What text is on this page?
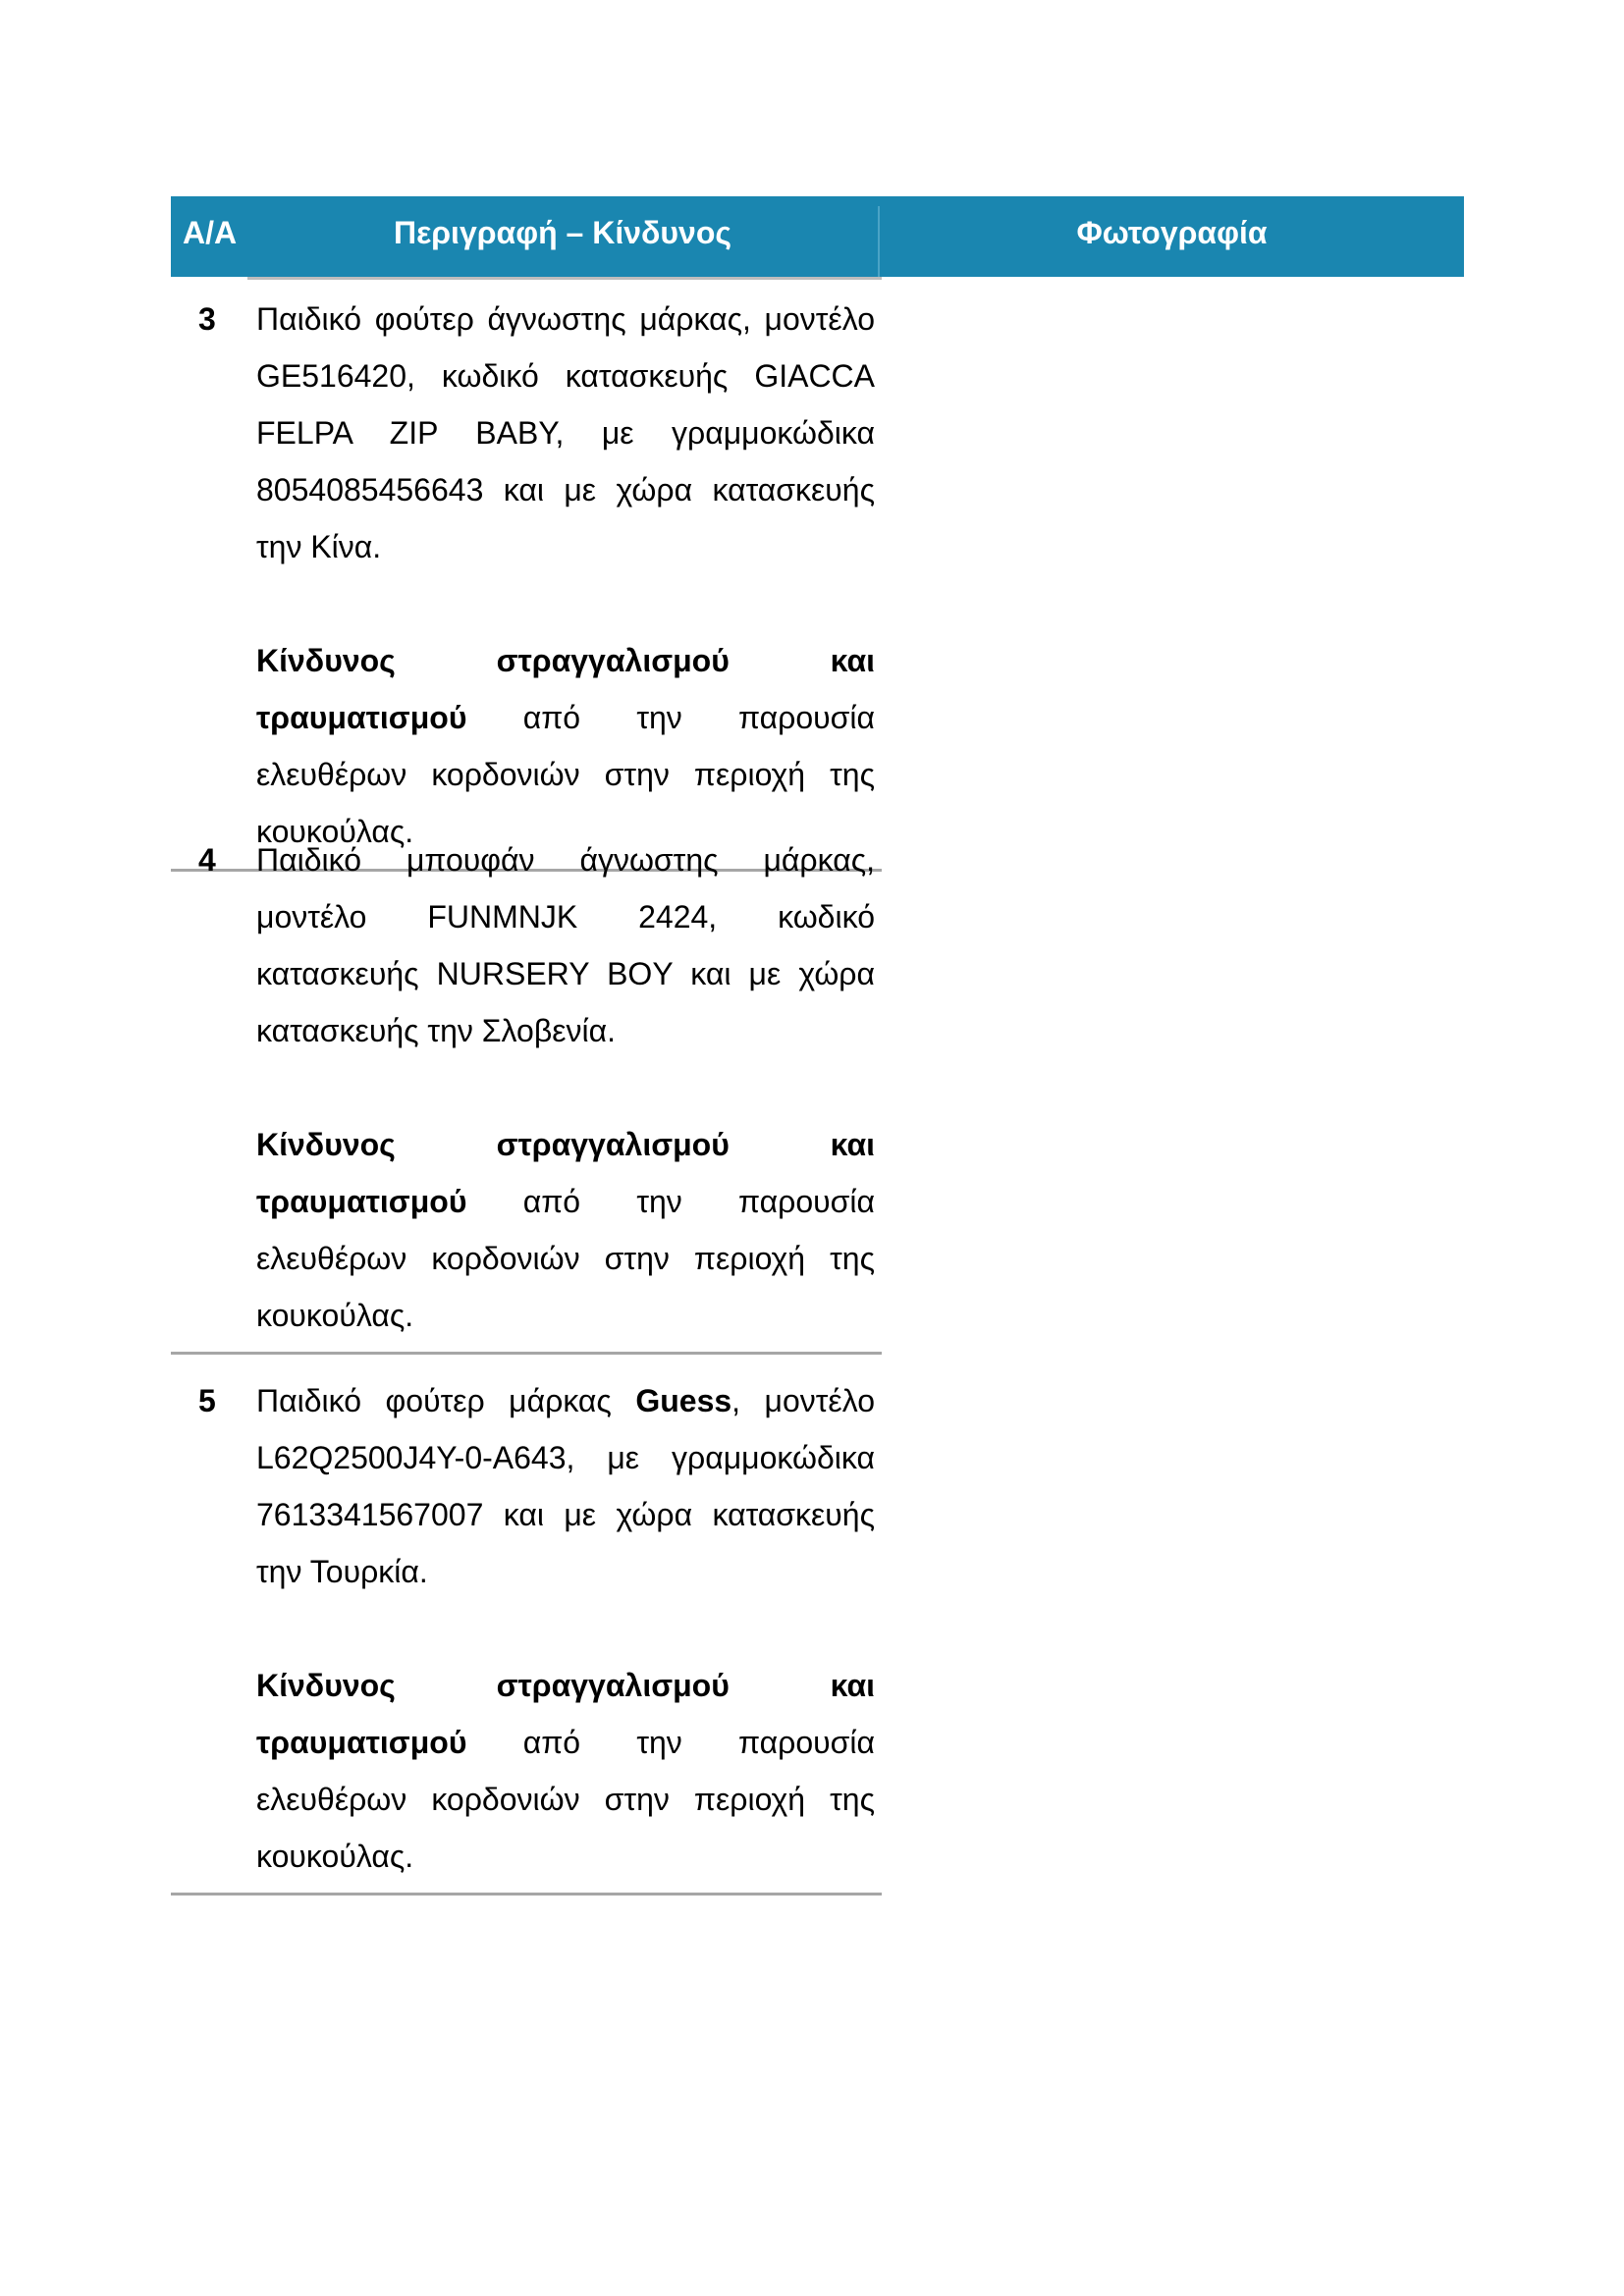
Α/Α	Περιγραφή – Κίνδυνος	Φωτογραφία
3 Παιδικό φούτερ άγνωστης μάρκας, μοντέλο GE516420, κωδικό κατασκευής GIACCA FELPA ZIP BABY, με γραμμοκώδικα 8054085456643 και με χώρα κατασκευής την Κίνα.

Κίνδυνος στραγγαλισμού και τραυματισμού από την παρουσία ελευθέρων κορδονιών στην περιοχή της κουκούλας.

4 Παιδικό μπουφάν άγνωστης μάρκας, μοντέλο FUNMNJK 2424, κωδικό κατασκευής NURSERY BOY και με χώρα κατασκευής την Σλοβενία.

Κίνδυνος στραγγαλισμού και τραυματισμού από την παρουσία ελευθέρων κορδονιών στην περιοχή της κουκούλας.

5 Παιδικό φούτερ μάρκας Guess, μοντέλο L62Q2500J4Y-0-A643, με γραμμοκώδικα 7613341567007 και με χώρα κατασκευής την Τουρκία.

Κίνδυνος στραγγαλισμού και τραυματισμού από την παρουσία ελευθέρων κορδονιών στην περιοχή της κουκούλας.
